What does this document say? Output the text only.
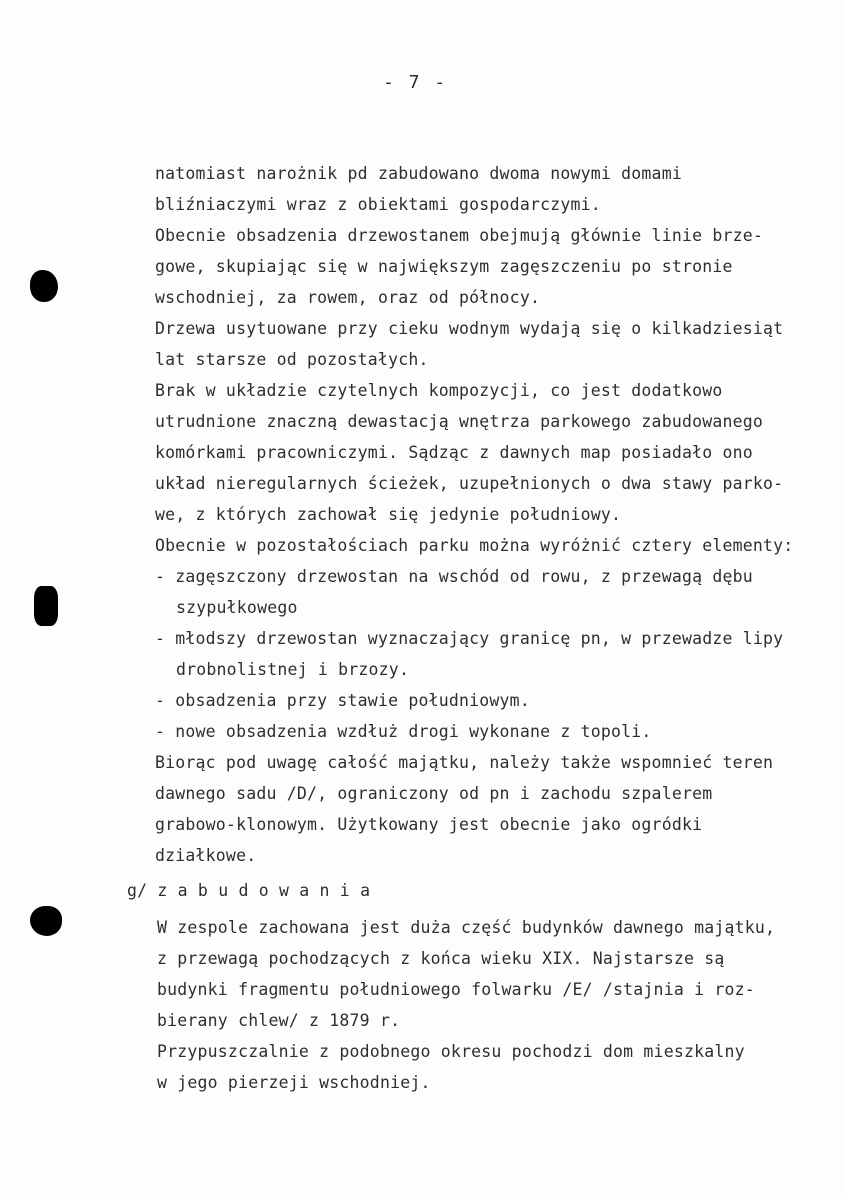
- 7 -
natomiast narożnik pd zabudowano dwoma nowymi domami
bliźniaczymi wraz z obiektami gospodarczymi.
Obecnie obsadzenia drzewostanem obejmują głównie linie brze-
gowe, skupiając się w największym zagęszczeniu po stronie
wschodniej, za rowem, oraz od północy.
Drzewa usytuowane przy cieku wodnym wydają się o kilkadziesiąt
lat starsze od pozostałych.
Brak w układzie czytelnych kompozycji, co jest dodatkowo
utrudnione znaczną dewastacją wnętrza parkowego zabudowanego
komórkami pracowniczymi. Sądząc z dawnych map posiadało ono
układ nieregularnych ścieżek, uzupełnionych o dwa stawy parko-
we, z których zachował się jedynie południowy.
Obecnie w pozostałościach parku można wyróżnić cztery elementy:
- zagęszczony drzewostan na wschód od rowu, z przewagą dębu
szypułkowego
- młodszy drzewostan wyznaczający granicę pn, w przewadze lipy
drobnolistnej i brzozy.
- obsadzenia przy stawie południowym.
- nowe obsadzenia wzdłuż drogi wykonane z topoli.
Biorąc pod uwagę całość majątku, należy także wspomnieć teren
dawnego sadu /D/, ograniczony od pn i zachodu szpalerem
grabowo-klonowym. Użytkowany jest obecnie jako ogródki
działkowe.
g/ z a b u d o w a n i a
W zespole zachowana jest duża część budynków dawnego majątku,
z przewagą pochodzących z końca wieku XIX. Najstarsze są
budynki fragmentu południowego folwarku /E/ /stajnia i roz-
bierany chlew/ z 1879 r.
Przypuszczalnie z podobnego okresu pochodzi dom mieszkalny
w jego pierzeji wschodniej.
